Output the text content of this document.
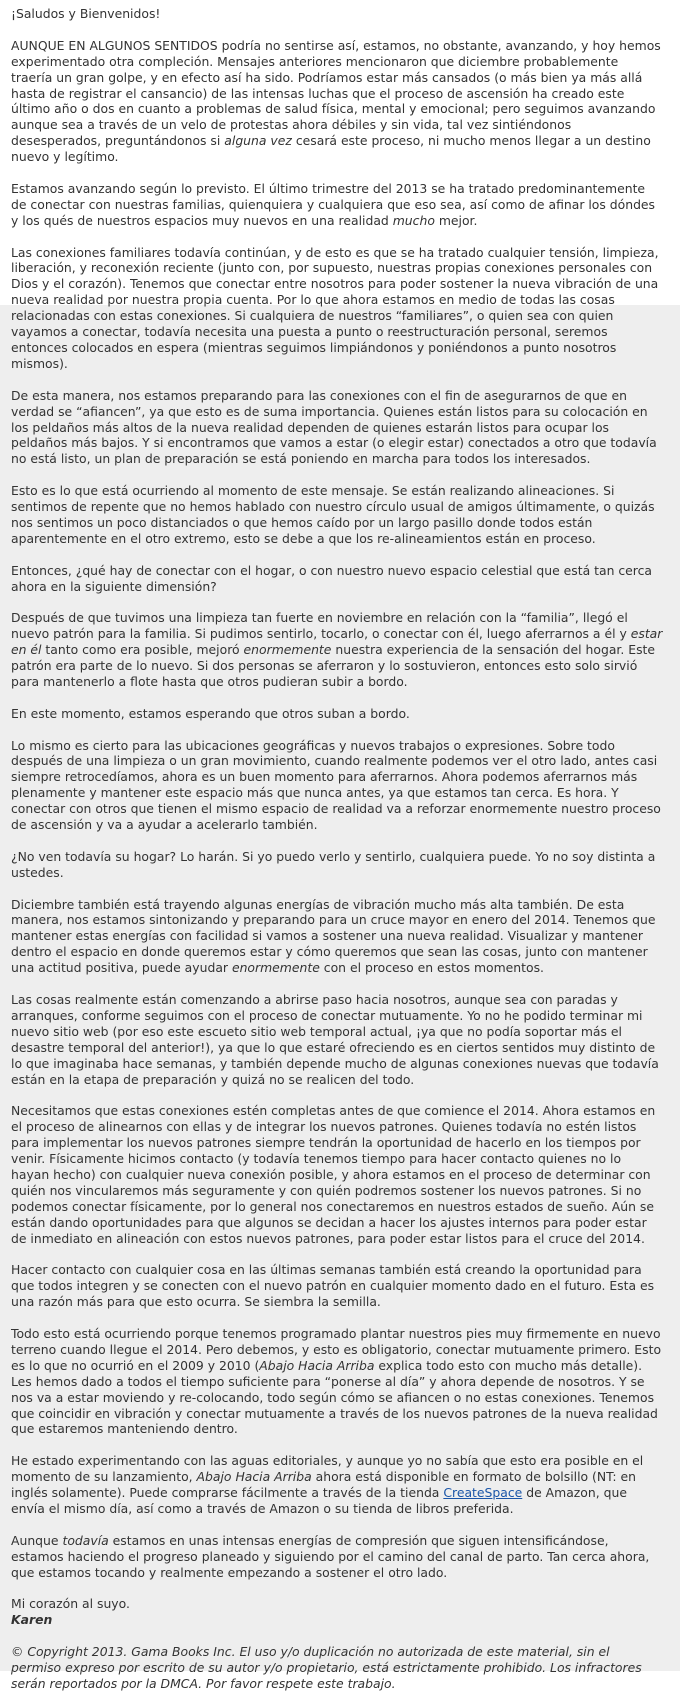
¡Saludos y Bienvenidos!

AUNQUE EN ALGUNOS SENTIDOS podría no sentirse así, estamos, no obstante, avanzando, y hoy hemos experimentado otra compleción. Mensajes anteriores mencionaron que diciembre probablemente traería un gran golpe, y en efecto así ha sido. Podríamos estar más cansados (o más bien ya más allá hasta de registrar el cansancio) de las intensas luchas que el proceso de ascensión ha creado este último año o dos en cuanto a problemas de salud física, mental y emocional; pero seguimos avanzando aunque sea a través de un velo de protestas ahora débiles y sin vida, tal vez sintiéndonos desesperados, preguntándonos si alguna vez cesará este proceso, ni mucho menos llegar a un destino nuevo y legítimo.

Estamos avanzando según lo previsto. El último trimestre del 2013 se ha tratado predominantemente de conectar con nuestras familias, quienquiera y cualquiera que eso sea, así como de afinar los dóndes y los qués de nuestros espacios muy nuevos en una realidad mucho mejor.

Las conexiones familiares todavía continúan, y de esto es que se ha tratado cualquier tensión, limpieza, liberación, y reconexión reciente (junto con, por supuesto, nuestras propias conexiones personales con Dios y el corazón). Tenemos que conectar entre nosotros para poder sostener la nueva vibración de una nueva realidad por nuestra propia cuenta. Por lo que ahora estamos en medio de todas las cosas relacionadas con estas conexiones. Si cualquiera de nuestros “familiares”, o quien sea con quien vayamos a conectar, todavía necesita una puesta a punto o reestructuración personal, seremos entonces colocados en espera (mientras seguimos limpiándonos y poniéndonos a punto nosotros mismos).

De esta manera, nos estamos preparando para las conexiones con el fin de asegurarnos de que en verdad se “afiancen”, ya que esto es de suma importancia. Quienes están listos para su colocación en los peldaños más altos de la nueva realidad dependen de quienes estarán listos para ocupar los peldaños más bajos. Y si encontramos que vamos a estar (o elegir estar) conectados a otro que todavía no está listo, un plan de preparación se está poniendo en marcha para todos los interesados.

Esto es lo que está ocurriendo al momento de este mensaje. Se están realizando alineaciones. Si sentimos de repente que no hemos hablado con nuestro círculo usual de amigos últimamente, o quizás nos sentimos un poco distanciados o que hemos caído por un largo pasillo donde todos están aparentemente en el otro extremo, esto se debe a que los re-alineamientos están en proceso.

Entonces, ¿qué hay de conectar con el hogar, o con nuestro nuevo espacio celestial que está tan cerca ahora en la siguiente dimensión?

Después de que tuvimos una limpieza tan fuerte en noviembre en relación con la “familia”, llegó el nuevo patrón para la familia. Si pudimos sentirlo, tocarlo, o conectar con él, luego aferrarnos a él y estar en él tanto como era posible, mejoró enormemente nuestra experiencia de la sensación del hogar. Este patrón era parte de lo nuevo. Si dos personas se aferraron y lo sostuvieron, entonces esto solo sirvió para mantenerlo a flote hasta que otros pudieran subir a bordo.

En este momento, estamos esperando que otros suban a bordo.

Lo mismo es cierto para las ubicaciones geográficas y nuevos trabajos o expresiones. Sobre todo después de una limpieza o un gran movimiento, cuando realmente podemos ver el otro lado, antes casi siempre retrocedíamos, ahora es un buen momento para aferrarnos. Ahora podemos aferrarnos más plenamente y mantener este espacio más que nunca antes, ya que estamos tan cerca. Es hora. Y conectar con otros que tienen el mismo espacio de realidad va a reforzar enormemente nuestro proceso de ascensión y va a ayudar a acelerarlo también.

¿No ven todavía su hogar? Lo harán. Si yo puedo verlo y sentirlo, cualquiera puede. Yo no soy distinta a ustedes.

Diciembre también está trayendo algunas energías de vibración mucho más alta también. De esta manera, nos estamos sintonizando y preparando para un cruce mayor en enero del 2014. Tenemos que mantener estas energías con facilidad si vamos a sostener una nueva realidad. Visualizar y mantener dentro el espacio en donde queremos estar y cómo queremos que sean las cosas, junto con mantener una actitud positiva, puede ayudar enormemente con el proceso en estos momentos.

Las cosas realmente están comenzando a abrirse paso hacia nosotros, aunque sea con paradas y arranques, conforme seguimos con el proceso de conectar mutuamente. Yo no he podido terminar mi nuevo sitio web (por eso este escueto sitio web temporal actual, ¡ya que no podía soportar más el desastre temporal del anterior!), ya que lo que estaré ofreciendo es en ciertos sentidos muy distinto de lo que imaginaba hace semanas, y también depende mucho de algunas conexiones nuevas que todavía están en la etapa de preparación y quizá no se realicen del todo.

Necesitamos que estas conexiones estén completas antes de que comience el 2014. Ahora estamos en el proceso de alinearnos con ellas y de integrar los nuevos patrones. Quienes todavía no estén listos para implementar los nuevos patrones siempre tendrán la oportunidad de hacerlo en los tiempos por venir. Físicamente hicimos contacto (y todavía tenemos tiempo para hacer contacto quienes no lo hayan hecho) con cualquier nueva conexión posible, y ahora estamos en el proceso de determinar con quién nos vincularemos más seguramente y con quién podremos sostener los nuevos patrones. Si no podemos conectar físicamente, por lo general nos conectaremos en nuestros estados de sueño. Aún se están dando oportunidades para que algunos se decidan a hacer los ajustes internos para poder estar de inmediato en alineación con estos nuevos patrones, para poder estar listos para el cruce del 2014.

Hacer contacto con cualquier cosa en las últimas semanas también está creando la oportunidad para que todos integren y se conecten con el nuevo patrón en cualquier momento dado en el futuro. Esta es una razón más para que esto ocurra. Se siembra la semilla.

Todo esto está ocurriendo porque tenemos programado plantar nuestros pies muy firmemente en nuevo terreno cuando llegue el 2014. Pero debemos, y esto es obligatorio, conectar mutuamente primero. Esto es lo que no ocurrió en el 2009 y 2010 (Abajo Hacia Arriba explica todo esto con mucho más detalle). Les hemos dado a todos el tiempo suficiente para “ponerse al día” y ahora depende de nosotros. Y se nos va a estar moviendo y re-colocando, todo según cómo se afiancen o no estas conexiones. Tenemos que coincidir en vibración y conectar mutuamente a través de los nuevos patrones de la nueva realidad que estaremos manteniendo dentro.

He estado experimentando con las aguas editoriales, y aunque yo no sabía que esto era posible en el momento de su lanzamiento, Abajo Hacia Arriba ahora está disponible en formato de bolsillo (NT: en inglés solamente). Puede comprarse fácilmente a través de la tienda CreateSpace de Amazon, que envía el mismo día, así como a través de Amazon o su tienda de libros preferida.

Aunque todavía estamos en unas intensas energías de compresión que siguen intensificándose, estamos haciendo el progreso planeado y siguiendo por el camino del canal de parto. Tan cerca ahora, que estamos tocando y realmente empezando a sostener el otro lado.

Mi corazón al suyo.
Karen

© Copyright 2013. Gama Books Inc. El uso y/o duplicación no autorizada de este material, sin el permiso expreso por escrito de su autor y/o propietario, está estrictamente prohibido. Los infractores serán reportados por la DMCA. Por favor respete este trabajo.
